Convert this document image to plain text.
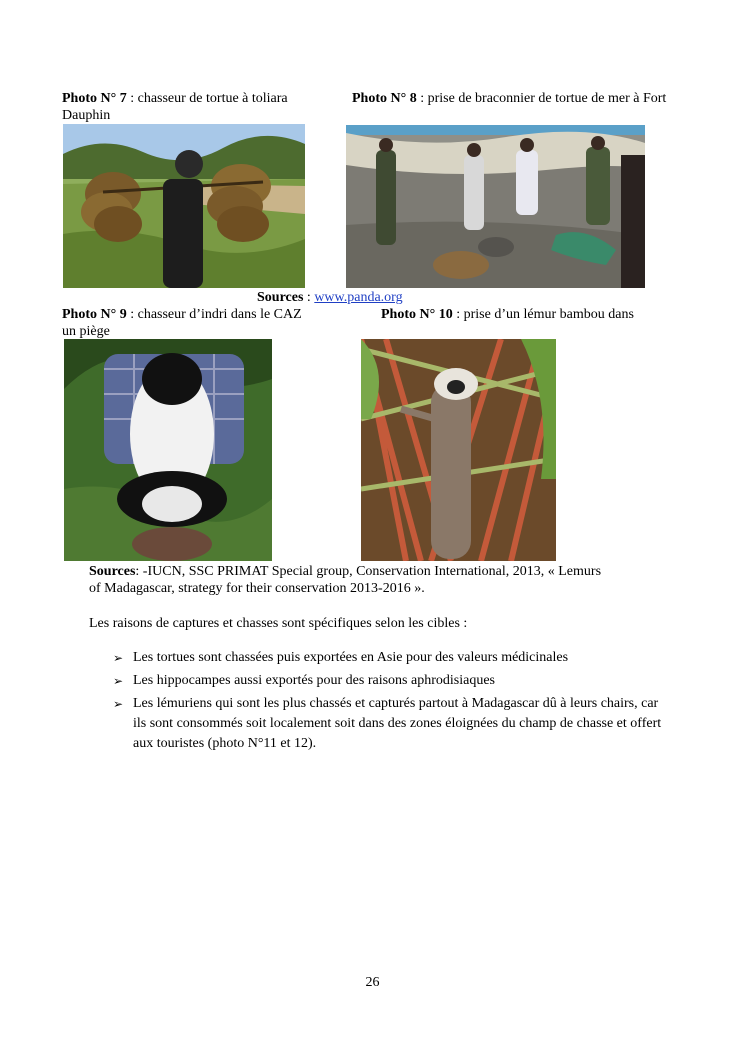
Photo N° 7 : chasseur de tortue à toliara	Photo N° 8 : prise de braconnier de tortue de mer à Fort
Dauphin
Sources : www.panda.org
Photo N° 9 : chasseur d’indri dans le CAZ	Photo N° 10 : prise d’un lémur bambou dans
un piège
Sources: -IUCN, SSC PRIMAT Special group, Conservation International, 2013, « Lemurs
of Madagascar, strategy for their conservation 2013-2016 ».
Les raisons de captures et chasses sont spécifiques selon les cibles :
➢ Les tortues sont chassées puis exportées en Asie pour des valeurs médicinales
➢ Les hippocampes aussi exportés pour des raisons aphrodisiaques
➢ Les lémuriens qui sont les plus chassés et capturés partout à Madagascar dû à leurs chairs, car ils sont consommés soit localement soit dans des zones éloignées du champ de chasse et offert aux touristes (photo N°11 et 12).
26
